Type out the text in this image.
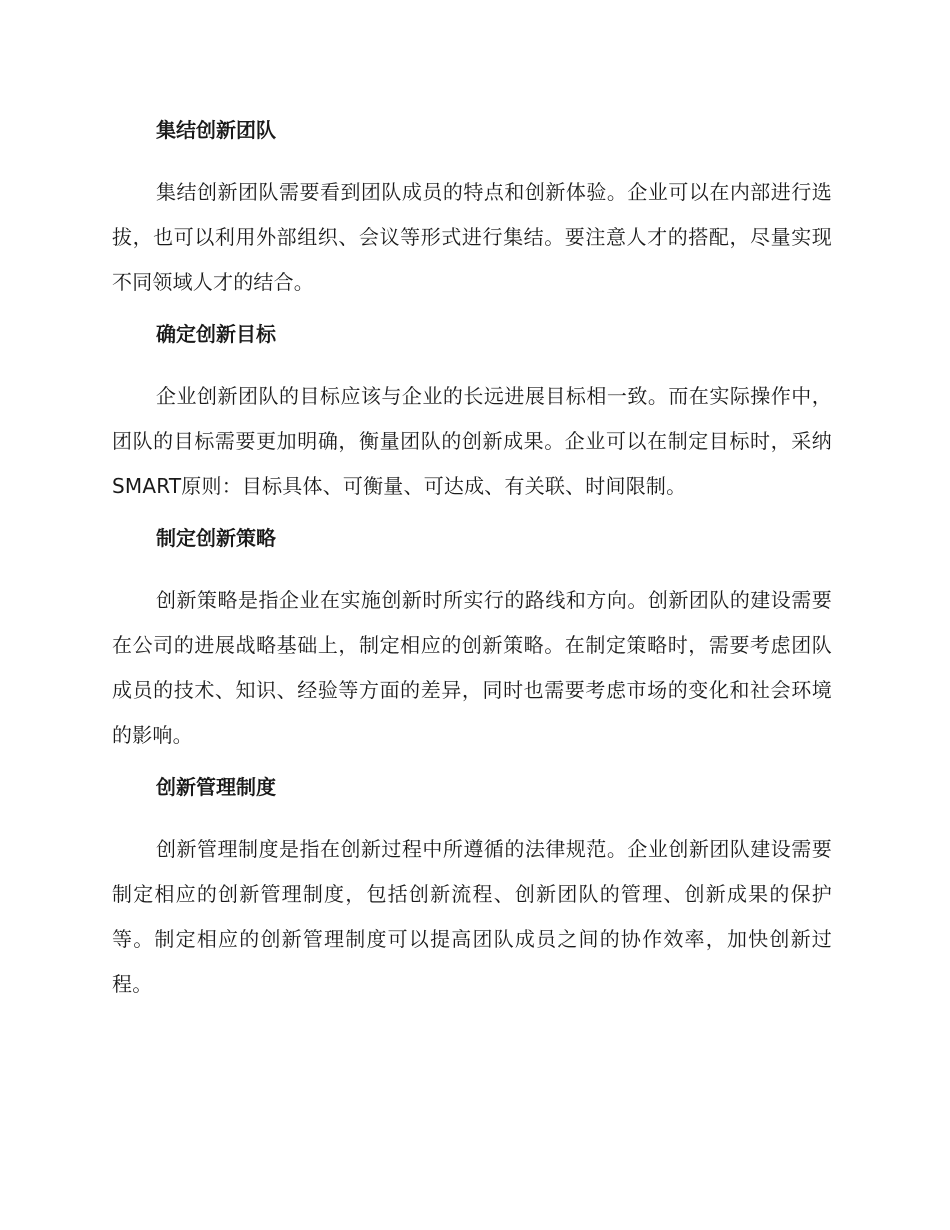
集结创新团队

集结创新团队需要看到团队成员的特点和创新体验。企业可以在内部进行选拔，也可以利用外部组织、会议等形式进行集结。要注意人才的搭配，尽量实现不同领域人才的结合。

确定创新目标

企业创新团队的目标应该与企业的长远进展目标相一致。而在实际操作中，团队的目标需要更加明确，衡量团队的创新成果。企业可以在制定目标时，采纳SMART原则：目标具体、可衡量、可达成、有关联、时间限制。

制定创新策略

创新策略是指企业在实施创新时所实行的路线和方向。创新团队的建设需要在公司的进展战略基础上，制定相应的创新策略。在制定策略时，需要考虑团队成员的技术、知识、经验等方面的差异，同时也需要考虑市场的变化和社会环境的影响。

创新管理制度

创新管理制度是指在创新过程中所遵循的法律规范。企业创新团队建设需要制定相应的创新管理制度，包括创新流程、创新团队的管理、创新成果的保护等。制定相应的创新管理制度可以提高团队成员之间的协作效率，加快创新过程。
